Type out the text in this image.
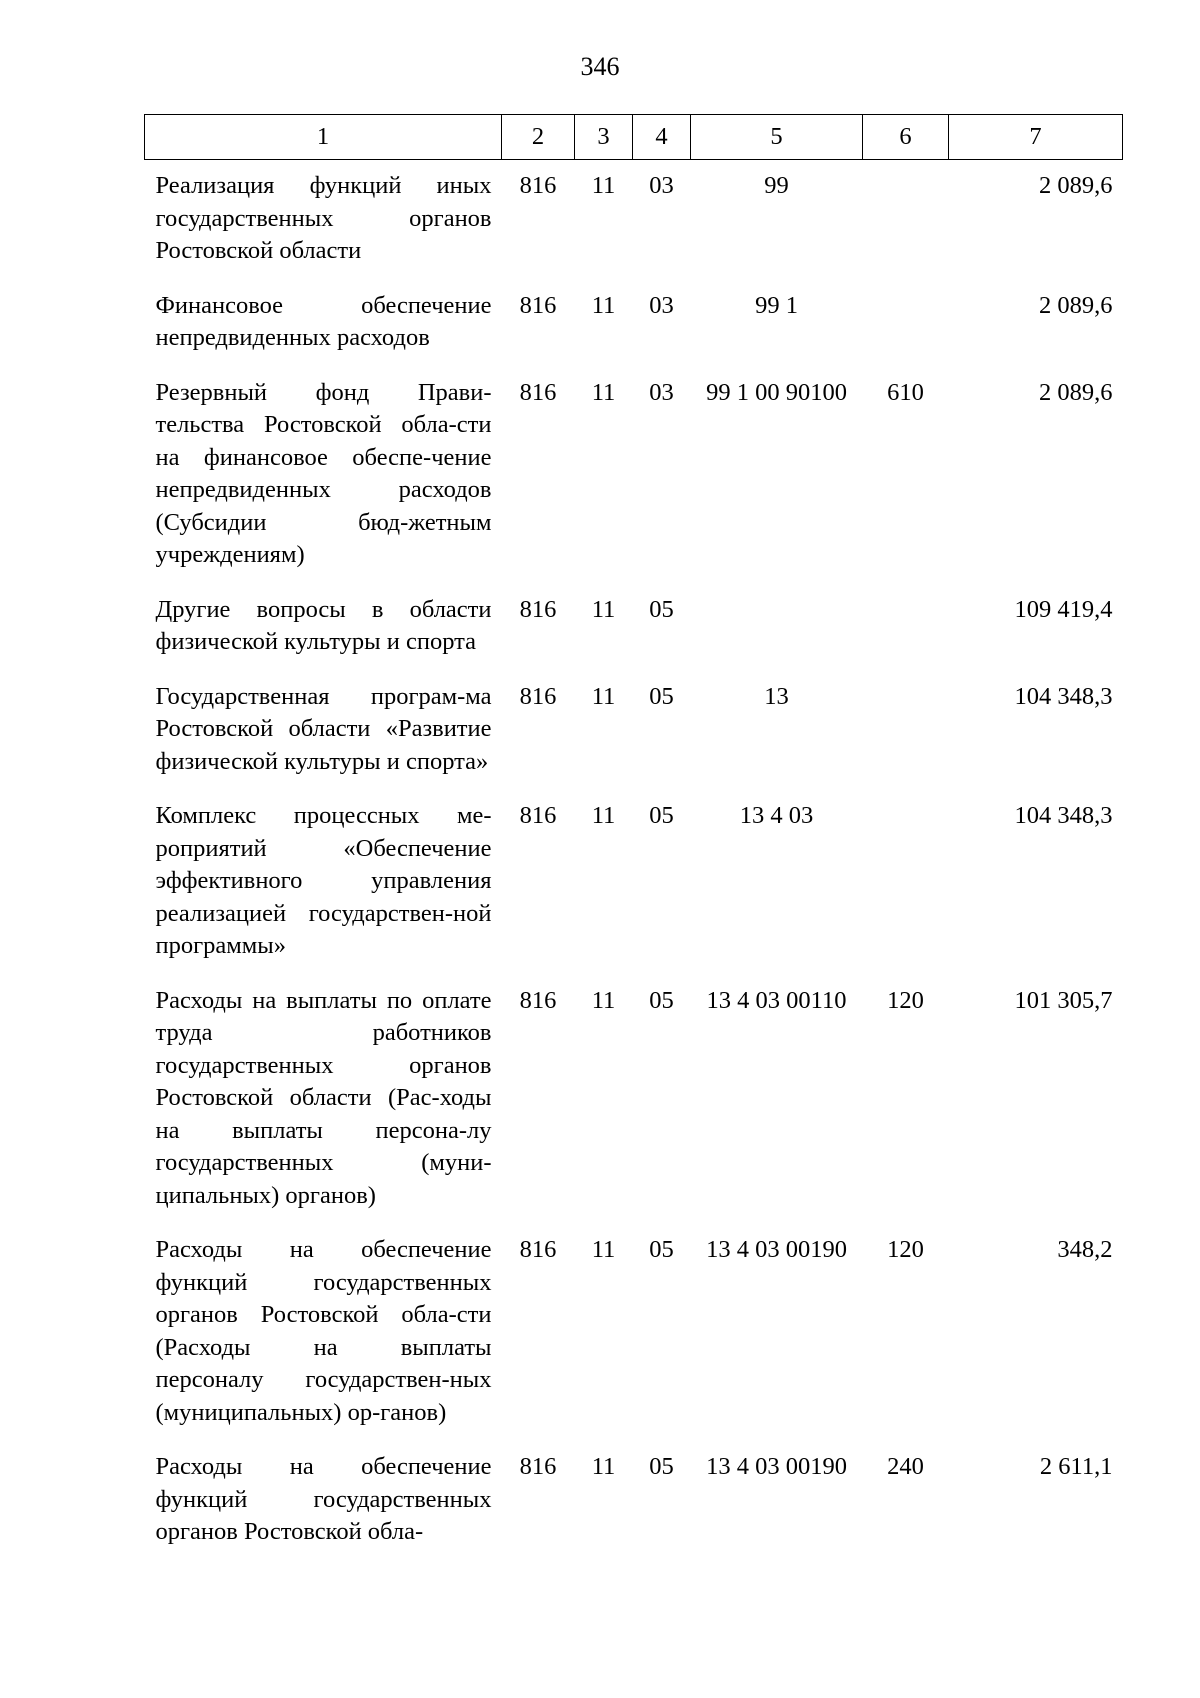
346
1	2	3	4	5	6	7
Реализация функций иных государственных органов Ростовской области	816	11	03	99		2 089,6
Финансовое обеспечение непредвиденных расходов	816	11	03	99 1		2 089,6
Резервный фонд Прави-тельства Ростовской обла-сти на финансовое обеспе-чение непредвиденных расходов (Субсидии бюд-жетным учреждениям)	816	11	03	99 1 00 90100	610	2 089,6
Другие вопросы в области физической культуры и спорта	816	11	05			109 419,4
Государственная програм-ма Ростовской области «Развитие физической культуры и спорта»	816	11	05	13		104 348,3
Комплекс процессных ме-роприятий «Обеспечение эффективного управления реализацией государствен-ной программы»	816	11	05	13 4 03		104 348,3
Расходы на выплаты по оплате труда работников государственных органов Ростовской области (Рас-ходы на выплаты персона-лу государственных (муни-ципальных) органов)	816	11	05	13 4 03 00110	120	101 305,7
Расходы на обеспечение функций государственных органов Ростовской обла-сти (Расходы на выплаты персоналу государствен-ных (муниципальных) ор-ганов)	816	11	05	13 4 03 00190	120	348,2
Расходы на обеспечение функций государственных органов Ростовской обла-	816	11	05	13 4 03 00190	240	2 611,1
